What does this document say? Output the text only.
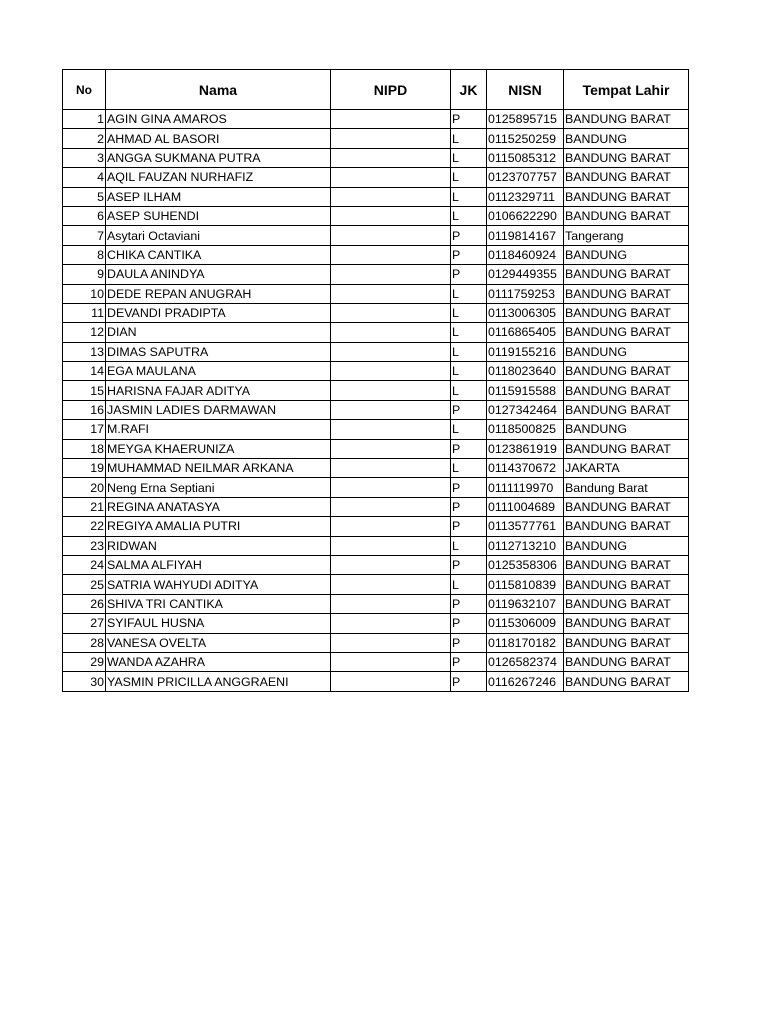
No	Nama	NIPD	JK	NISN	Tempat Lahir
1	AGIN GINA AMAROS		P	0125895715	BANDUNG BARAT
2	AHMAD AL BASORI		L	0115250259	BANDUNG
3	ANGGA SUKMANA PUTRA		L	0115085312	BANDUNG BARAT
4	AQIL FAUZAN NURHAFIZ		L	0123707757	BANDUNG BARAT
5	ASEP ILHAM		L	0112329711	BANDUNG BARAT
6	ASEP SUHENDI		L	0106622290	BANDUNG BARAT
7	Asytari Octaviani		P	0119814167	Tangerang
8	CHIKA CANTIKA		P	0118460924	BANDUNG
9	DAULA ANINDYA		P	0129449355	BANDUNG BARAT
10	DEDE REPAN ANUGRAH		L	0111759253	BANDUNG BARAT
11	DEVANDI PRADIPTA		L	0113006305	BANDUNG BARAT
12	DIAN		L	0116865405	BANDUNG BARAT
13	DIMAS SAPUTRA		L	0119155216	BANDUNG
14	EGA MAULANA		L	0118023640	BANDUNG BARAT
15	HARISNA FAJAR ADITYA		L	0115915588	BANDUNG BARAT
16	JASMIN LADIES DARMAWAN		P	0127342464	BANDUNG BARAT
17	M.RAFI		L	0118500825	BANDUNG
18	MEYGA KHAERUNIZA		P	0123861919	BANDUNG BARAT
19	MUHAMMAD NEILMAR ARKANA		L	0114370672	JAKARTA
20	Neng Erna Septiani		P	0111119970	Bandung Barat
21	REGINA ANATASYA		P	0111004689	BANDUNG BARAT
22	REGIYA AMALIA PUTRI		P	0113577761	BANDUNG BARAT
23	RIDWAN		L	0112713210	BANDUNG
24	SALMA ALFIYAH		P	0125358306	BANDUNG BARAT
25	SATRIA WAHYUDI ADITYA		L	0115810839	BANDUNG BARAT
26	SHIVA TRI CANTIKA		P	0119632107	BANDUNG BARAT
27	SYIFAUL HUSNA		P	0115306009	BANDUNG BARAT
28	VANESA OVELTA		P	0118170182	BANDUNG BARAT
29	WANDA AZAHRA		P	0126582374	BANDUNG BARAT
30	YASMIN PRICILLA ANGGRAENI		P	0116267246	BANDUNG BARAT
